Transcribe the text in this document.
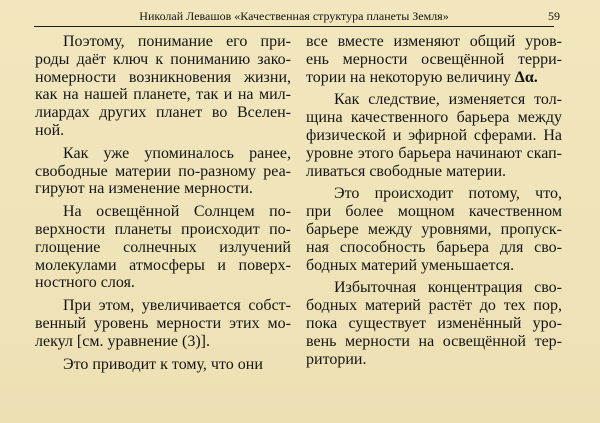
Николай Левашов «Качественная структура планеты Земля»	59
Поэтому, понимание его при-
роды даёт ключ к пониманию зако-
номерности возникновения жизни,
как на нашей планете, так и на мил-
лиардах других планет во Вселен-
ной.
Как уже упоминалось ранее,
свободные материи по-разному реа-
гируют на изменение мерности.
На освещённой Солнцем по-
верхности планеты происходит по-
глощение солнечных излучений
молекулами атмосферы и поверх-
ностного слоя.
При этом, увеличивается собст-
венный уровень мерности этих мо-
лекул [см. уравнение (3)].
Это приводит к тому, что они
все вместе изменяют общий уров-
ень мерности освещённой терри-
тории на некоторую величину Δα.
Как следствие, изменяется тол-
щина качественного барьера между
физической и эфирной сферами. На
уровне этого барьера начинают скап-
ливаться свободные материи.
Это происходит потому, что,
при более мощном качественном
барьере между уровнями, пропуск-
ная способность барьера для сво-
бодных материй уменьшается.
Избыточная концентрация сво-
бодных материй растёт до тех пор,
пока существует изменённый уро-
вень мерности на освещённой тер-
ритории.
